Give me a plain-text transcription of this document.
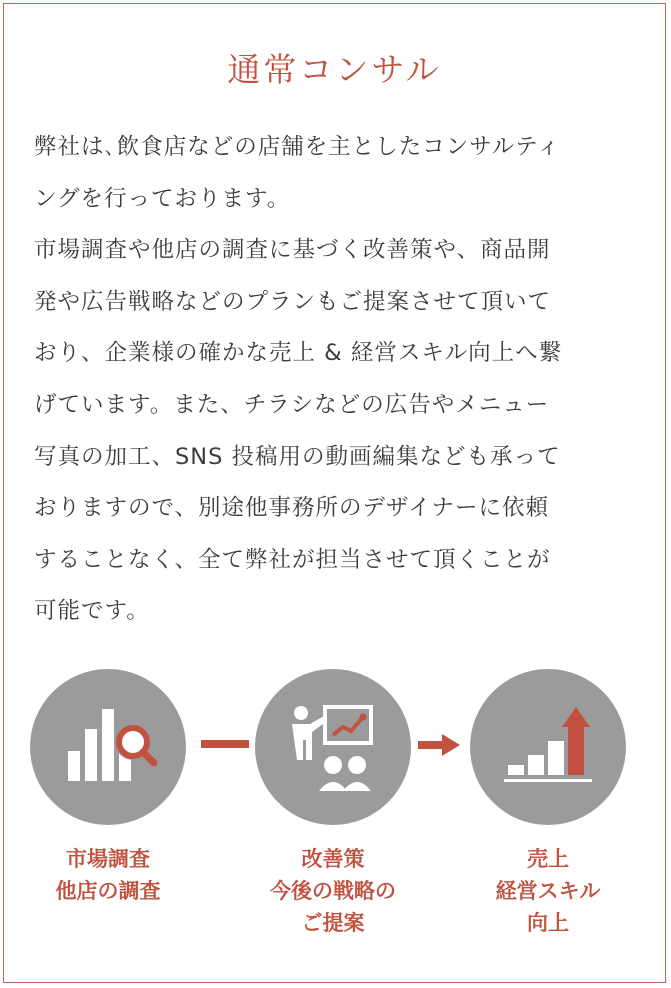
通常コンサル

弊社は､飲食店などの店舗を主としたコンサルティ

ングを行っております。

市場調査や他店の調査に基づく改善策や、商品開

発や広告戦略などのプランもご提案させて頂いて

おり、企業様の確かな売上 & 経営スキル向上へ繋

げています。また、チラシなどの広告やメニュー

写真の加工、SNS 投稿用の動画編集なども承って

おりますので、別途他事務所のデザイナーに依頼

することなく、全て弊社が担当させて頂くことが

可能です。

市場調査
他店の調査
改善策
今後の戦略の
ご提案
売上
経営スキル
向上
